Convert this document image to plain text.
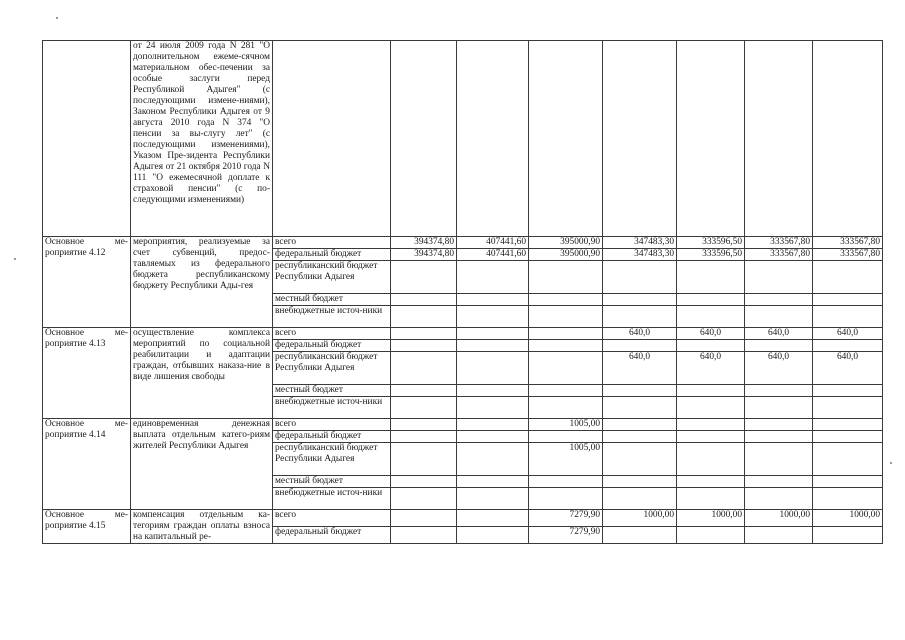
	от 24 июля 2009 года N 281 "О дополнительном ежеме-сячном материальном обес-печении за особые заслуги перед Республикой Адыгея" (с последующими измене-ниями), Законом Республики Адыгея от 9 августа 2010 года N 374 "О пенсии за вы-слугу лет" (с последующими изменениями), Указом Пре-зидента Республики Адыгея от 21 октября 2010 года N 111 "О ежемесячной доплате к страховой пенсии" (с по-следующими изменениями)								
Основное ме-роприятие 4.12	мероприятия, реализуемые за счет субвенций, предос-тавляемых из федерального бюджета республиканскому бюджету Республики Ады-гея	всего	394374,80	407441,60	395000,90	347483,30	333596,50	333567,80	333567,80
		федеральный бюджет	394374,80	407441,60	395000,90	347483,30	333596,50	333567,80	333567,80
		республиканский бюджет Республики Адыгея							
		местный бюджет							
		внебюджетные источ-ники							
Основное ме-роприятие 4.13	осуществление комплекса мероприятий по социальной реабилитации и адаптации граждан, отбывших наказа-ние в виде лишения свободы	всего				640,0	640,0	640,0	640,0
		федеральный бюджет							
		республиканский бюджет Республики Адыгея				640,0	640,0	640,0	640,0
		местный бюджет							
		внебюджетные источ-ники							
Основное ме-роприятие 4.14	единовременная денежная выплата отдельным катего-риям жителей Республики Адыгея	всего			1005,00				
		федеральный бюджет							
		республиканский бюджет Республики Адыгея			1005,00				
		местный бюджет							
		внебюджетные источ-ники							
Основное ме-роприятие 4.15	компенсация отдельным ка-тегориям граждан оплаты взноса на капитальный ре-	всего			7279,90	1000,00	1000,00	1000,00	1000,00
		федеральный бюджет			7279,90				
